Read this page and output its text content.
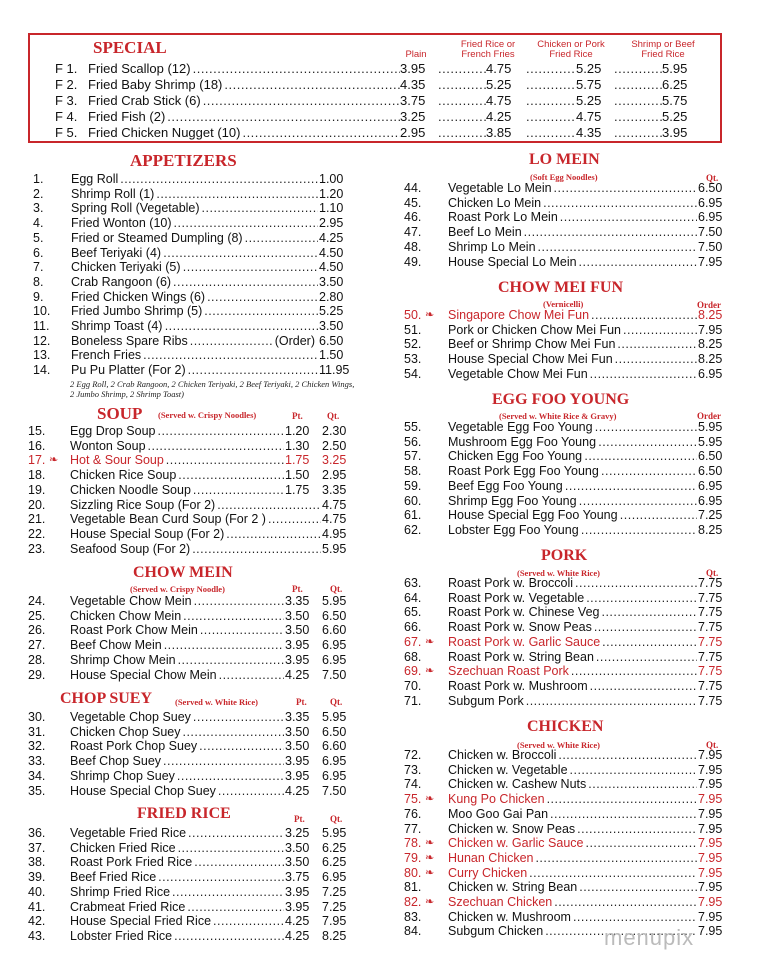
SPECIAL	Plain
Fried Rice or
French Fries
Chicken or Pork
Fried Rice
Shrimp or Beef
Fried Rice
F 1. Fried Scallop (12) .....	3.95 .....	4.75 .....	5.25 .....	5.95
F 2. Fried Baby Shrimp (18) .....	4.35 .....	5.25 .....	5.75 .....	6.25
F 3. Fried Crab Stick (6) .....	3.75 .....	4.75 .....	5.25 .....	5.75
F 4. Fried Fish (2) .....	3.25 .....	4.25 .....	4.75 .....	5.25
F 5. Fried Chicken Nugget (10) .....	2.95 .....	3.85 .....	4.35 .....	3.95
APPETIZERS
1. Egg Roll .....	1.00
2. Shrimp Roll (1) .....	1.20
3. Spring Roll (Vegetable) .....	1.10
4. Fried Wonton (10) .....	2.95
5. Fried or Steamed Dumpling (8) .....	4.25
6. Beef Teriyaki (4) .....	4.50
7. Chicken Teriyaki (5) .....	4.50
8. Crab Rangoon (6) .....	3.50
9. Fried Chicken Wings (6) .....	2.80
10. Fried Jumbo Shrimp (5) .....	5.25
11. Shrimp Toast (4) .....	3.50
12. Boneless Spare Ribs .....	(Order) 6.50
13. French Fries .....	1.50
14. Pu Pu Platter (For 2) .....	11.95
SOUP (Served w. Crispy Noodles)	Pt.	Qt.
15. Egg Drop Soup .....	1.20 2.30
16. Wonton Soup .....	1.30 2.50
17. ❧ Hot & Sour Soup .....	1.75 3.25
18. Chicken Rice Soup .....	1.50 2.95
19. Chicken Noodle Soup .....	1.75 3.35
20. Sizzling Rice Soup (For 2) .....	4.75
21. Vegetable Bean Curd Soup (For 2 ) .....	4.75
22. House Special Soup (For 2) .....	4.95
23. Seafood Soup (For 2) .....	5.95
CHOW MEIN
(Served w. Crispy Noodle)	Pt.	Qt.
24. Vegetable Chow Mein .....	3.35 5.95
25. Chicken Chow Mein .....	3.50 6.50
26. Roast Pork Chow Mein .....	3.50 6.60
27. Beef Chow Mein .....	3.95 6.95
28. Shrimp Chow Mein .....	3.95 6.95
29. House Special Chow Mein .....	4.25 7.50
CHOP SUEY	(Served w. White Rice)	Pt.	Qt.
30. Vegetable Chop Suey .....	3.35 5.95
31. Chicken Chop Suey .....	3.50 6.50
32. Roast Pork Chop Suey .....	3.50 6.60
33. Beef Chop Suey .....	3.95 6.95
34. Shrimp Chop Suey .....	3.95 6.95
35. House Special Chop Suey .....	4.25 7.50
FRIED RICE	Pt.	Qt.
36. Vegetable Fried Rice .....	3.25 5.95
37. Chicken Fried Rice .....	3.50 6.25
38. Roast Pork Fried Rice .....	3.50 6.25
39. Beef Fried Rice .....	3.75 6.95
40. Shrimp Fried Rice .....	3.95 7.25
41. Crabmeat Fried Rice .....	3.95 7.25
42. House Special Fried Rice .....	4.25 7.95
43. Lobster Fried Rice .....	4.25 8.25
LO MEIN
(Soft Egg Noodles)	Qt.
44. Vegetable Lo Mein .....	6.50
45. Chicken Lo Mein .....	6.95
46. Roast Pork Lo Mein .....	6.95
47. Beef Lo Mein .....	7.50
48. Shrimp Lo Mein .....	7.50
49. House Special Lo Mein .....	7.95
CHOW MEI FUN
(Vernicelli)	Order
50. ❧ Singapore Chow Mei Fun .....	8.25
51. Pork or Chicken Chow Mei Fun .....	7.95
52. Beef or Shrimp Chow Mei Fun .....	8.25
53. House Special Chow Mei Fun .....	8.25
54. Vegetable Chow Mei Fun .....	6.95
EGG FOO YOUNG
(Served w. White Rice & Gravy)	Order
55. Vegetable Egg Foo Young .....	5.95
56. Mushroom Egg Foo Young .....	5.95
57. Chicken Egg Foo Young .....	6.50
58. Roast Pork Egg Foo Young .....	6.50
59. Beef Egg Foo Young .....	6.95
60. Shrimp Egg Foo Young .....	6.95
61. House Special Egg Foo Young .....	7.25
62. Lobster Egg Foo Young .....	8.25
PORK
(Served w. White Rice)	Qt.
63. Roast Pork w. Broccoli .....	7.75
64. Roast Pork w. Vegetable .....	7.75
65. Roast Pork w. Chinese Veg .....	7.75
66. Roast Pork w. Snow Peas .....	7.75
67. ❧ Roast Pork w. Garlic Sauce .....	7.75
68. Roast Pork w. String Bean .....	7.75
69. ❧ Szechuan Roast Pork .....	7.75
70. Roast Pork w. Mushroom .....	7.75
71. Subgum Pork .....	7.75
CHICKEN
(Served w. White Rice)	Qt.
72. Chicken w. Broccoli .....	7.95
73. Chicken w. Vegetable .....	7.95
74. Chicken w. Cashew Nuts .....	7.95
75. ❧ Kung Po Chicken .....	7.95
76. Moo Goo Gai Pan .....	7.95
77. Chicken w. Snow Peas .....	7.95
78. ❧ Chicken w. Garlic Sauce .....	7.95
79. ❧ Hunan Chicken .....	7.95
80. ❧ Curry Chicken .....	7.95
81. Chicken w. String Bean .....	7.95
82. ❧ Szechuan Chicken .....	7.95
83. Chicken w. Mushroom .....	7.95
84. Subgum Chicken .....	7.95
2 Egg Roll, 2 Crab Rangoon, 2 Chicken Teriyaki, 2 Beef Teriyaki, 2 Chicken Wings, 2 Jumbo Shrimp, 2 Shrimp Toast)
menupix
